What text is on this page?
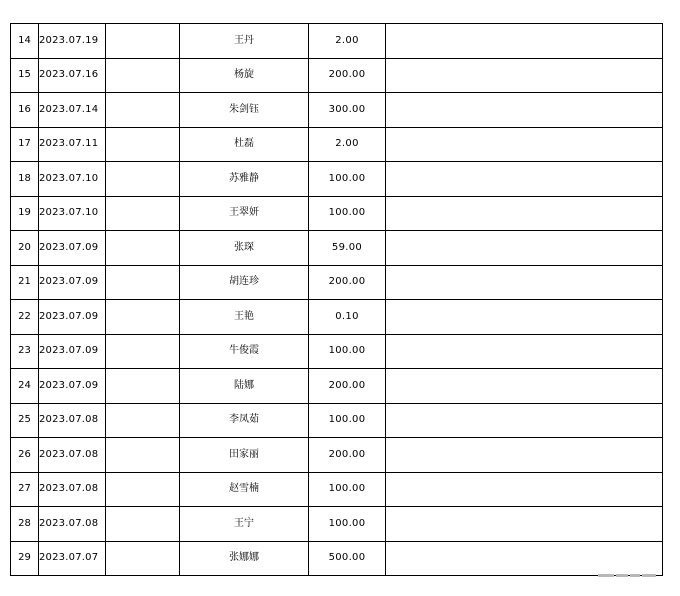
14	2023.07.19		王丹	2.00	
15	2023.07.16		杨旋	200.00	
16	2023.07.14		朱剑钰	300.00	
17	2023.07.11		杜磊	2.00	
18	2023.07.10		苏雅静	100.00	
19	2023.07.10		王翠妍	100.00	
20	2023.07.09		张琛	59.00	
21	2023.07.09		胡连珍	200.00	
22	2023.07.09		王艳	0.10	
23	2023.07.09		牛俊霞	100.00	
24	2023.07.09		陆娜	200.00	
25	2023.07.08		李凤茹	100.00	
26	2023.07.08		田家丽	200.00	
27	2023.07.08		赵雪楠	100.00	
28	2023.07.08		王宁	100.00	
29	2023.07.07		张娜娜	500.00	
